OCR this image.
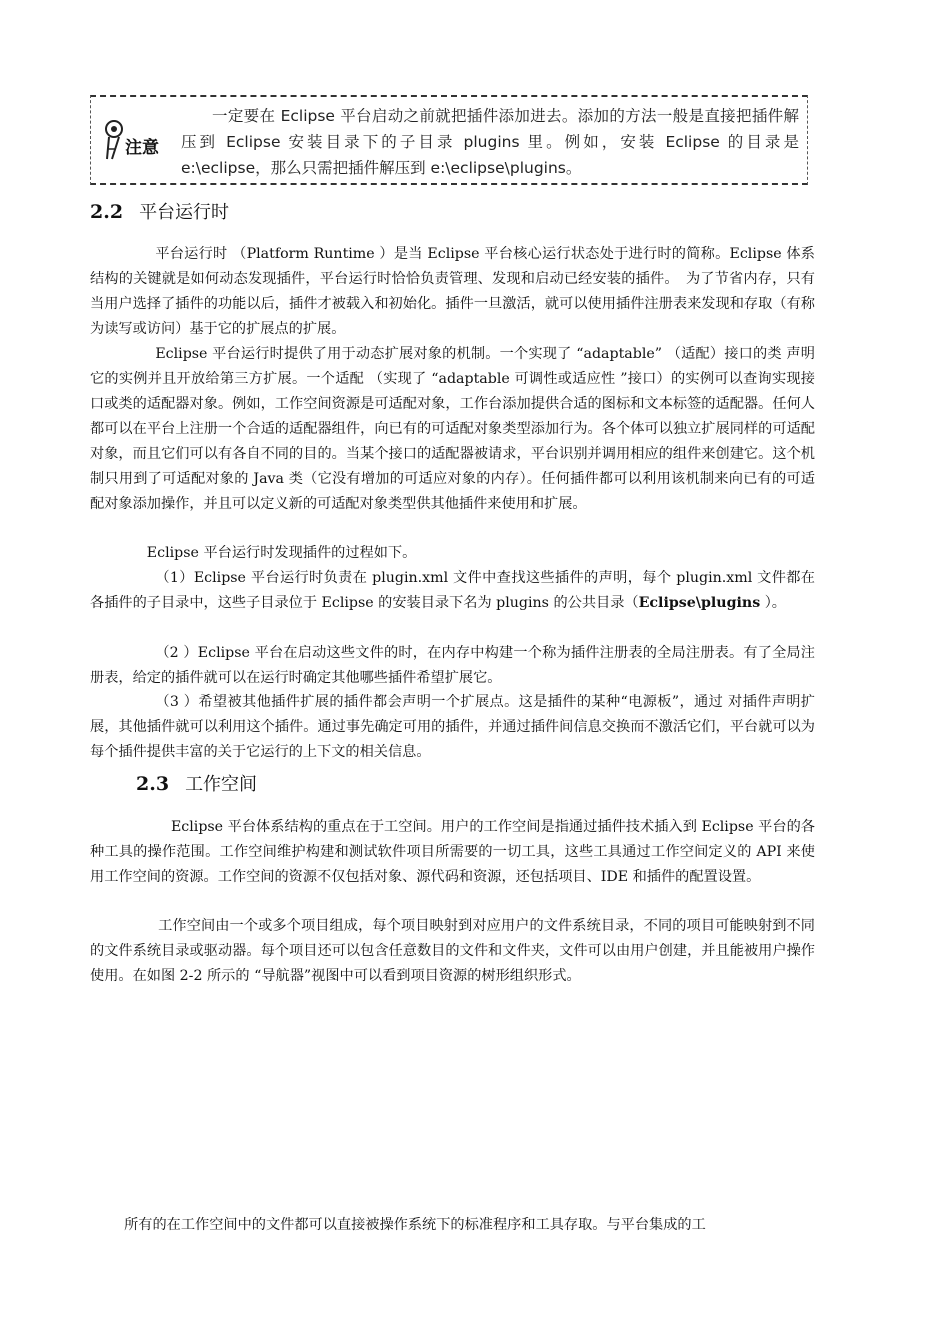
注意
一定要在 Eclipse 平台启动之前就把插件添加进去。添加的方法一般是直接把插件解压到 Eclipse 安装目录下的子目录 plugins 里。例如，安装 Eclipse 的目录是 e:\eclipse，那么只需把插件解压到 e:\eclipse\plugins。
2.2 平台运行时

平台运行时 （Platform Runtime ）是当 Eclipse 平台核心运行状态处于进行时的简称。Eclipse 体系结构的关键就是如何动态发现插件，平台运行时恰恰负责管理、发现和启动已经安装的插件。　为了节省内存，只有当用户选择了插件的功能以后，插件才被载入和初始化。插件一旦激活，就可以使用插件注册表来发现和存取（有称为读写或访问）基于它的扩展点的扩展。

Eclipse 平台运行时提供了用于动态扩展对象的机制。一个实现了 “adaptable” （适配）接口的类 声明它的实例并且开放给第三方扩展。一个适配 （实现了 “adaptable 可调性或适应性 ”接口）的实例可以查询实现接口或类的适配器对象。例如，工作空间资源是可适配对象，工作台添加提供合适的图标和文本标签的适配器。任何人都可以在平台上注册一个合适的适配器组件，向已有的可适配对象类型添加行为。各个体可以独立扩展同样的可适配对象，而且它们可以有各自不同的目的。当某个接口的适配器被请求，平台识别并调用相应的组件来创建它。这个机制只用到了可适配对象的 Java 类（它没有增加的可适应对象的内存）。任何插件都可以利用该机制来向已有的可适配对象添加操作，并且可以定义新的可适配对象类型供其他插件来使用和扩展。

Eclipse 平台运行时发现插件的过程如下。

（1）Eclipse 平台运行时负责在 plugin.xml 文件中查找这些插件的声明，每个 plugin.xml 文件都在各插件的子目录中，这些子目录位于 Eclipse 的安装目录下名为 plugins 的公共目录（Eclipse\plugins ）。

（2 ）Eclipse 平台在启动这些文件的时，在内存中构建一个称为插件注册表的全局注册表。有了全局注册表，给定的插件就可以在运行时确定其他哪些插件希望扩展它。

（3 ）希望被其他插件扩展的插件都会声明一个扩展点。这是插件的某种“电源板”，通过 对插件声明扩展，其他插件就可以利用这个插件。通过事先确定可用的插件，并通过插件间信息交换而不激活它们，平台就可以为每个插件提供丰富的关于它运行的上下文的相关信息。

2.3 工作空间

Eclipse 平台体系结构的重点在于工空间。用户的工作空间是指通过插件技术插入到 Eclipse 平台的各种工具的操作范围。工作空间维护构建和测试软件项目所需要的一切工具，这些工具通过工作空间定义的 API 来使用工作空间的资源。工作空间的资源不仅包括对象、源代码和资源，还包括项目、IDE 和插件的配置设置。

工作空间由一个或多个项目组成，每个项目映射到对应用户的文件系统目录，不同的项目可能映射到不同的文件系统目录或驱动器。每个项目还可以包含任意数目的文件和文件夹，文件可以由用户创建，并且能被用户操作使用。在如图 2-2 所示的 “导航器”视图中可以看到项目资源的树形组织形式。

所有的在工作空间中的文件都可以直接被操作系统下的标准程序和工具存取。与平台集成的工
